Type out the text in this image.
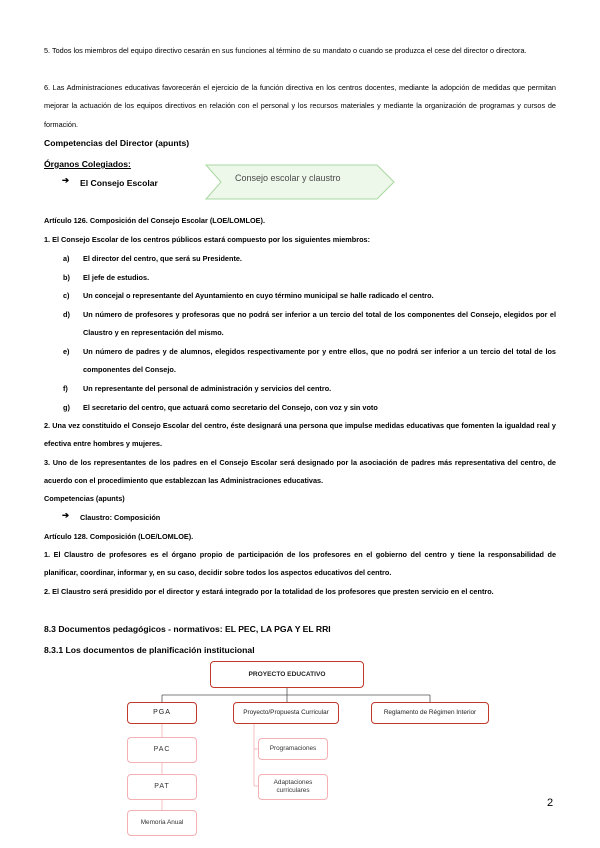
5. Todos los miembros del equipo directivo cesarán en sus funciones al término de su mandato o cuando se produzca el cese del director o directora.

6. Las Administraciones educativas favorecerán el ejercicio de la función directiva en los centros docentes, mediante la adopción de medidas que permitan mejorar la actuación de los equipos directivos en relación con el personal y los recursos materiales y mediante la organización de programas y cursos de formación.

Competencias del Director (apunts)
Órganos Colegiados:
➔ El Consejo Escolar	Consejo escolar y claustro
Artículo 126. Composición del Consejo Escolar (LOE/LOMLOE).
1. El Consejo Escolar de los centros públicos estará compuesto por los siguientes miembros:
a)	El director del centro, que será su Presidente.
b)	El jefe de estudios.
c)	Un concejal o representante del Ayuntamiento en cuyo término municipal se halle radicado el centro.
d)	Un número de profesores y profesoras que no podrá ser inferior a un tercio del total de los componentes del Consejo, elegidos por el Claustro y en representación del mismo.
e)	Un número de padres y de alumnos, elegidos respectivamente por y entre ellos, que no podrá ser inferior a un tercio del total de los componentes del Consejo.
f)	Un representante del personal de administración y servicios del centro.
g)	El secretario del centro, que actuará como secretario del Consejo, con voz y sin voto

2. Una vez constituido el Consejo Escolar del centro, éste designará una persona que impulse medidas educativas que fomenten la igualdad real y efectiva entre hombres y mujeres.

3. Uno de los representantes de los padres en el Consejo Escolar será designado por la asociación de padres más representativa del centro, de acuerdo con el procedimiento que establezcan las Administraciones educativas.

Competencias (apunts)
➔ Claustro: Composición
Artículo 128. Composición (LOE/LOMLOE).

1. El Claustro de profesores es el órgano propio de participación de los profesores en el gobierno del centro y tiene la responsabilidad de planificar, coordinar, informar y, en su caso, decidir sobre todos los aspectos educativos del centro.

2. El Claustro será presidido por el director y estará integrado por la totalidad de los profesores que presten servicio en el centro.

8.3 Documentos pedagógicos - normativos: EL PEC, LA PGA Y EL RRI
8.3.1 Los documentos de planificación institucional
PROYECTO EDUCATIVO
PGA	Proyecto/Propuesta Curricular	Reglamento de Régimen Interior
PAC
PAT
Memoria Anual
Programaciones
Adaptaciones curriculares
2
